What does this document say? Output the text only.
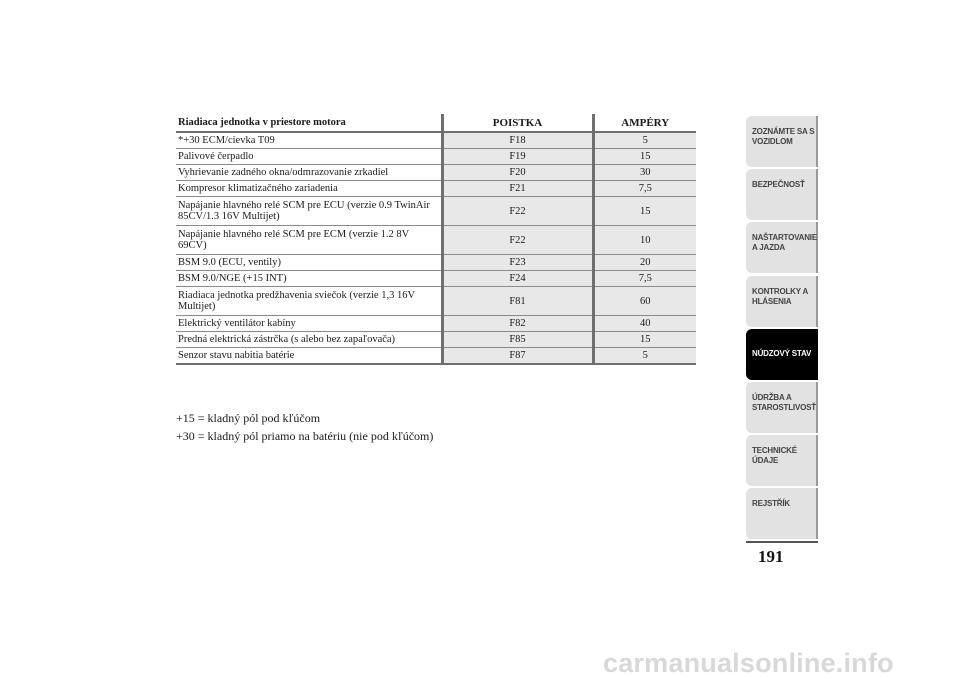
Riadiaca jednotka v priestore motora	POISTKA	AMPÉRY
*+30 ECM/cievka T09	F18	5
Palivové čerpadlo	F19	15
Vyhrievanie zadného okna/odmrazovanie zrkadiel	F20	30
Kompresor klimatizačného zariadenia	F21	7,5
Napájanie hlavného relé SCM pre ECU (verzie 0.9 TwinAir 85CV/1.3 16V Multijet)	F22	15
Napájanie hlavného relé SCM pre ECM (verzie 1.2 8V 69CV)	F22	10
BSM 9.0 (ECU, ventily)	F23	20
BSM 9.0/NGE (+15 INT)	F24	7,5
Riadiaca jednotka predžhavenia sviečok (verzie 1,3 16V Multijet)	F81	60
Elektrický ventilátor kabíny	F82	40
Predná elektrická zástrčka (s alebo bez zapaľovača)	F85	15
Senzor stavu nabitia batérie	F87	5
+15 = kladný pól pod kľúčom
+30 = kladný pól priamo na batériu (nie pod kľúčom)
ZOZNÁMTE SA S
VOZIDLOM
BEZPEČNOSŤ
NAŠTARTOVANIE
A JAZDA
KONTROLKY A
HLÁSENIA
NÚDZOVÝ STAV
ÚDRŽBA A
STAROSTLIVOSŤ
TECHNICKÉ
ÚDAJE
REJSTŘÍK
191
carmanualsonline.info
